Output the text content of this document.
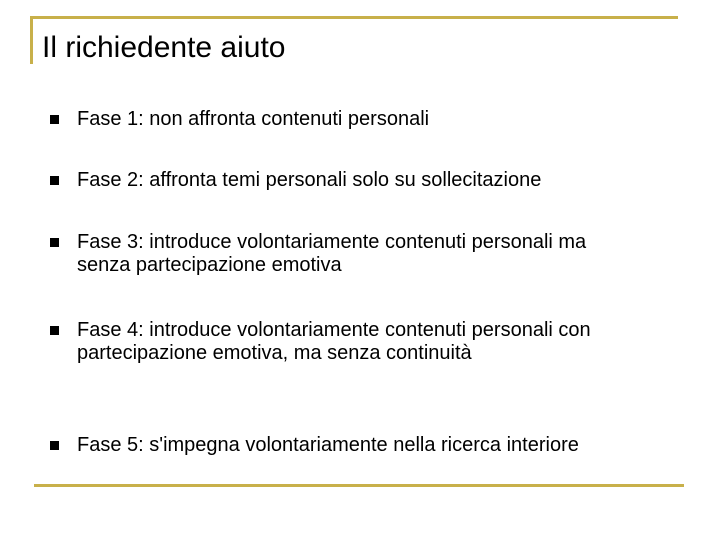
Il richiedente aiuto
Fase 1: non affronta contenuti personali
Fase 2: affronta temi personali solo su sollecitazione
Fase 3: introduce volontariamente contenuti personali ma senza partecipazione emotiva
Fase 4: introduce volontariamente contenuti personali con partecipazione emotiva, ma senza continuità
Fase 5: s'impegna volontariamente nella ricerca interiore
